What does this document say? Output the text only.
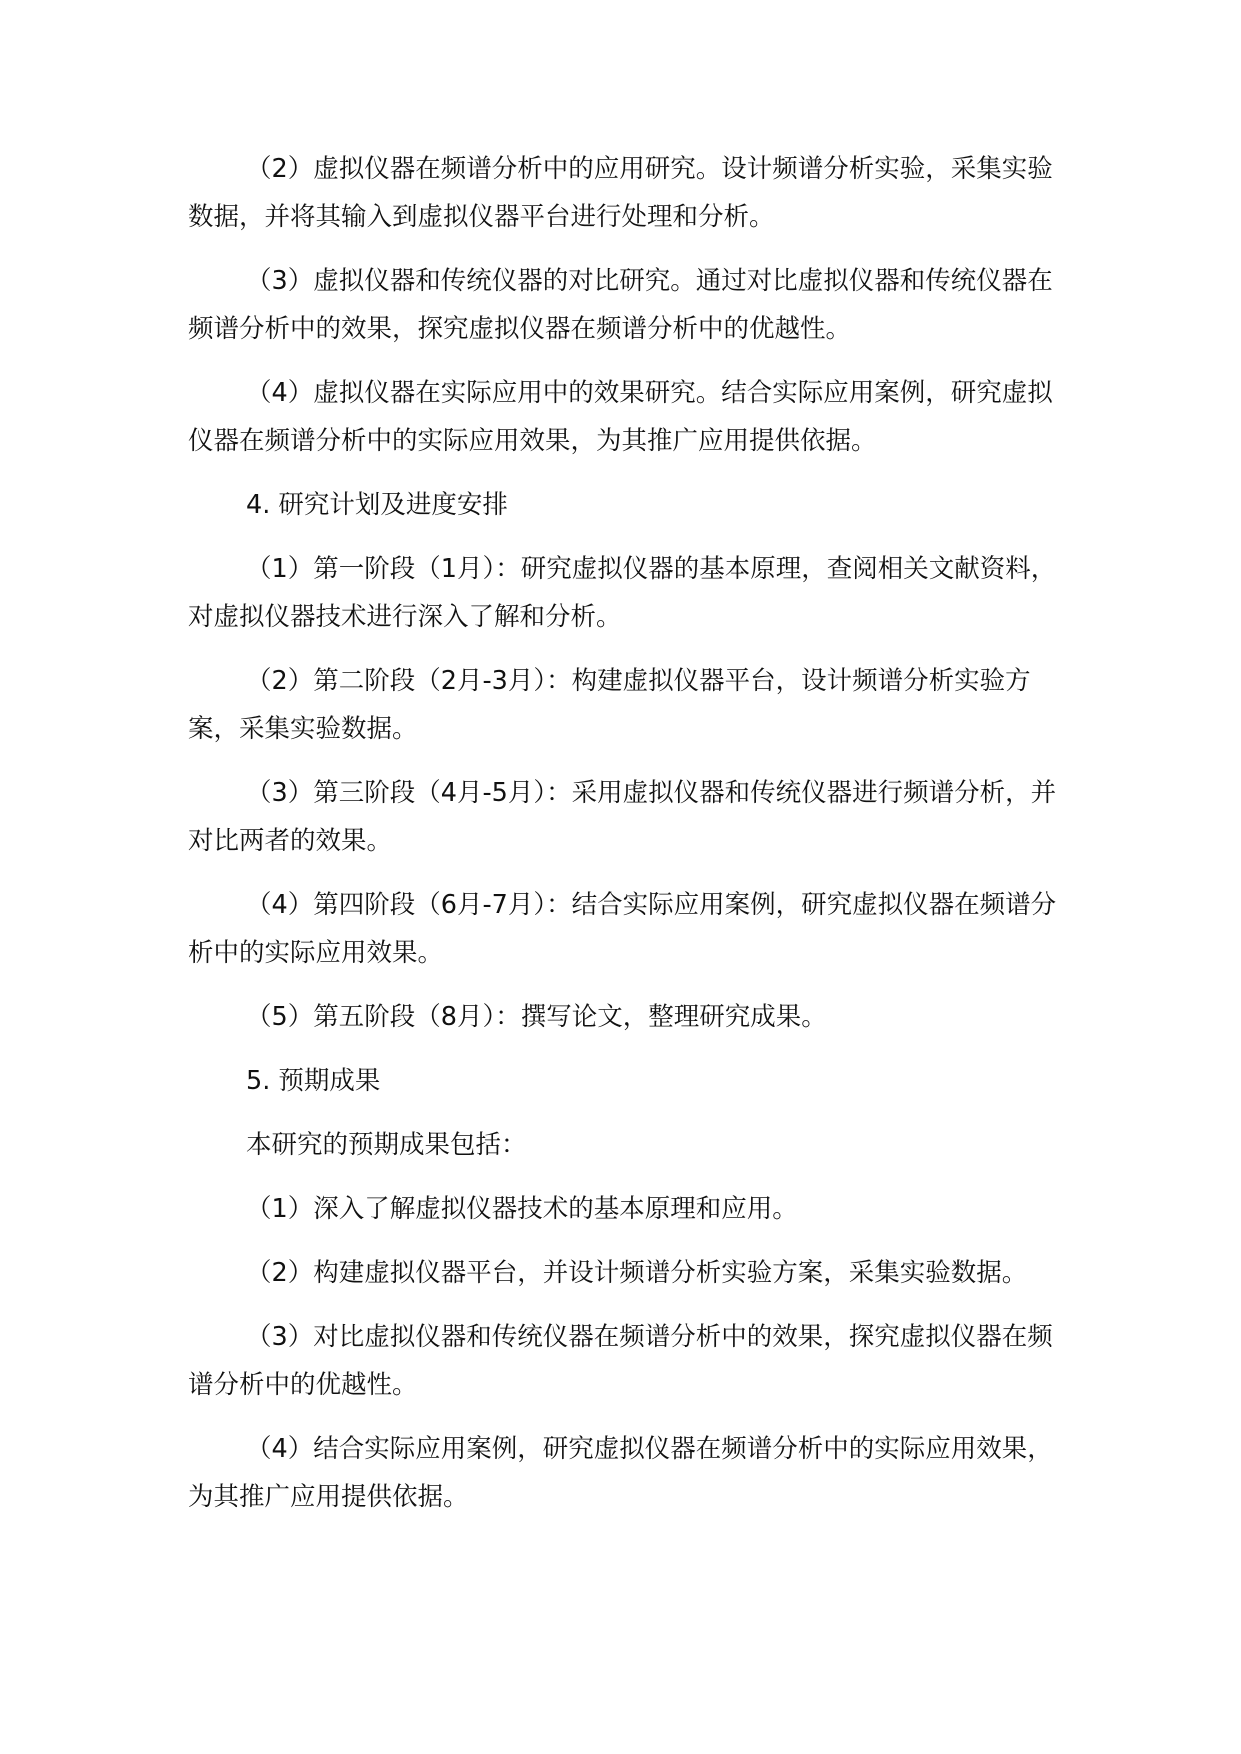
（2）虚拟仪器在频谱分析中的应用研究。设计频谱分析实验，采集实验数据，并将其输入到虚拟仪器平台进行处理和分析。

（3）虚拟仪器和传统仪器的对比研究。通过对比虚拟仪器和传统仪器在频谱分析中的效果，探究虚拟仪器在频谱分析中的优越性。

（4）虚拟仪器在实际应用中的效果研究。结合实际应用案例，研究虚拟仪器在频谱分析中的实际应用效果，为其推广应用提供依据。

4. 研究计划及进度安排

（1）第一阶段（1月）：研究虚拟仪器的基本原理，查阅相关文献资料，对虚拟仪器技术进行深入了解和分析。

（2）第二阶段（2月-3月）：构建虚拟仪器平台，设计频谱分析实验方案，采集实验数据。

（3）第三阶段（4月-5月）：采用虚拟仪器和传统仪器进行频谱分析，并对比两者的效果。

（4）第四阶段（6月-7月）：结合实际应用案例，研究虚拟仪器在频谱分析中的实际应用效果。

（5）第五阶段（8月）：撰写论文，整理研究成果。

5. 预期成果

本研究的预期成果包括：

（1）深入了解虚拟仪器技术的基本原理和应用。

（2）构建虚拟仪器平台，并设计频谱分析实验方案，采集实验数据。

（3）对比虚拟仪器和传统仪器在频谱分析中的效果，探究虚拟仪器在频谱分析中的优越性。

（4）结合实际应用案例，研究虚拟仪器在频谱分析中的实际应用效果，为其推广应用提供依据。
